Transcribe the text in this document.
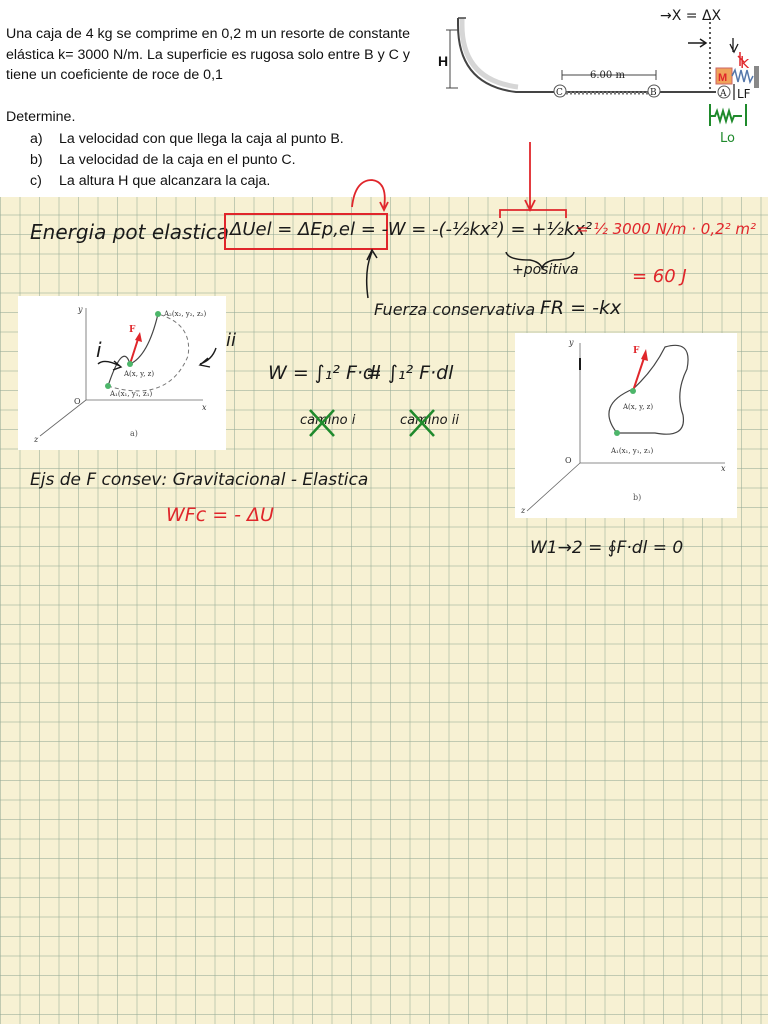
Una caja de 4 kg se comprime en 0,2 m un resorte de constante elástica k= 3000 N/m. La superficie es rugosa solo entre B y C y tiene un coeficiente de roce de 0,1
Determine.
a)	La velocidad con que llega la caja al punto B.
b)	La velocidad de la caja en el punto C.
c)	La altura H que alcanzara la caja.
H
6.00 m
C	B	A
M
→X = ΔX
k
LF
Lo
Energia pot elastica ΔUel = ΔEp,el = -W = -(-½kx²) = +½kx²
= ½ 3000 N/m · 0,2² m²
+positiva	= 60 J
Fuerza conservativa FR = -kx
y
x
z
O
F
A₂(x₂, y₂, z₂)
A(x, y, z)
A₁(x₁, y₁, z₁)
a)
i	ii
W = ∫₁² F·dl
= ∫₁² F·dl
camino i	camino ii
y
x
z
O
F
A(x, y, z)
A₁(x₁, y₁, z₁)
b)
Ejs de F consev: Gravitacional - Elastica
WFc = - ΔU
W1→2 = ∮F·dl = 0
